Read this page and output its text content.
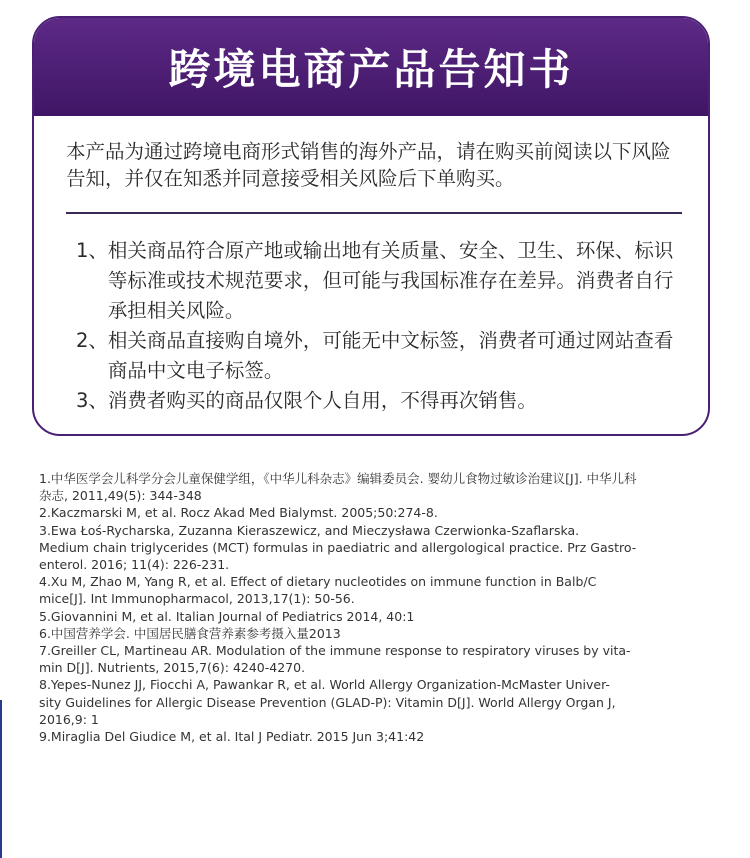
跨境电商产品告知书
本产品为通过跨境电商形式销售的海外产品，请在购买前阅读以下风险告知，并仅在知悉并同意接受相关风险后下单购买。
1、 相关商品符合原产地或输出地有关质量、安全、卫生、环保、标识等标准或技术规范要求，但可能与我国标准存在差异。消费者自行承担相关风险。
2、 相关商品直接购自境外，可能无中文标签，消费者可通过网站查看商品中文电子标签。
3、 消费者购买的商品仅限个人自用，不得再次销售。
1.中华医学会儿科学分会儿童保健学组，《中华儿科杂志》编辑委员会. 婴幼儿食物过敏诊治建议[J]. 中华儿科
杂志, 2011,49(5): 344-348
2.Kaczmarski M, et al. Rocz Akad Med Bialymst. 2005;50:274-8.
3.Ewa Łoś-Rycharska, Zuzanna Kieraszewicz, and Mieczysława Czerwionka-Szaflarska.
Medium chain triglycerides (MCT) formulas in paediatric and allergological practice. Prz Gastro-
enterol. 2016; 11(4): 226-231.
4.Xu M, Zhao M, Yang R, et al. Effect of dietary nucleotides on immune function in Balb/C
mice[J]. Int Immunopharmacol, 2013,17(1): 50-56.
5.Giovannini M, et al. Italian Journal of Pediatrics 2014, 40:1
6.中国营养学会. 中国居民膳食营养素参考摄入量2013
7.Greiller CL, Martineau AR. Modulation of the immune response to respiratory viruses by vita-
min D[J]. Nutrients, 2015,7(6): 4240-4270.
8.Yepes-Nunez JJ, Fiocchi A, Pawankar R, et al. World Allergy Organization-McMaster Univer-
sity Guidelines for Allergic Disease Prevention (GLAD-P): Vitamin D[J]. World Allergy Organ J,
2016,9: 1
9.Miraglia Del Giudice M, et al. Ital J Pediatr. 2015 Jun 3;41:42
